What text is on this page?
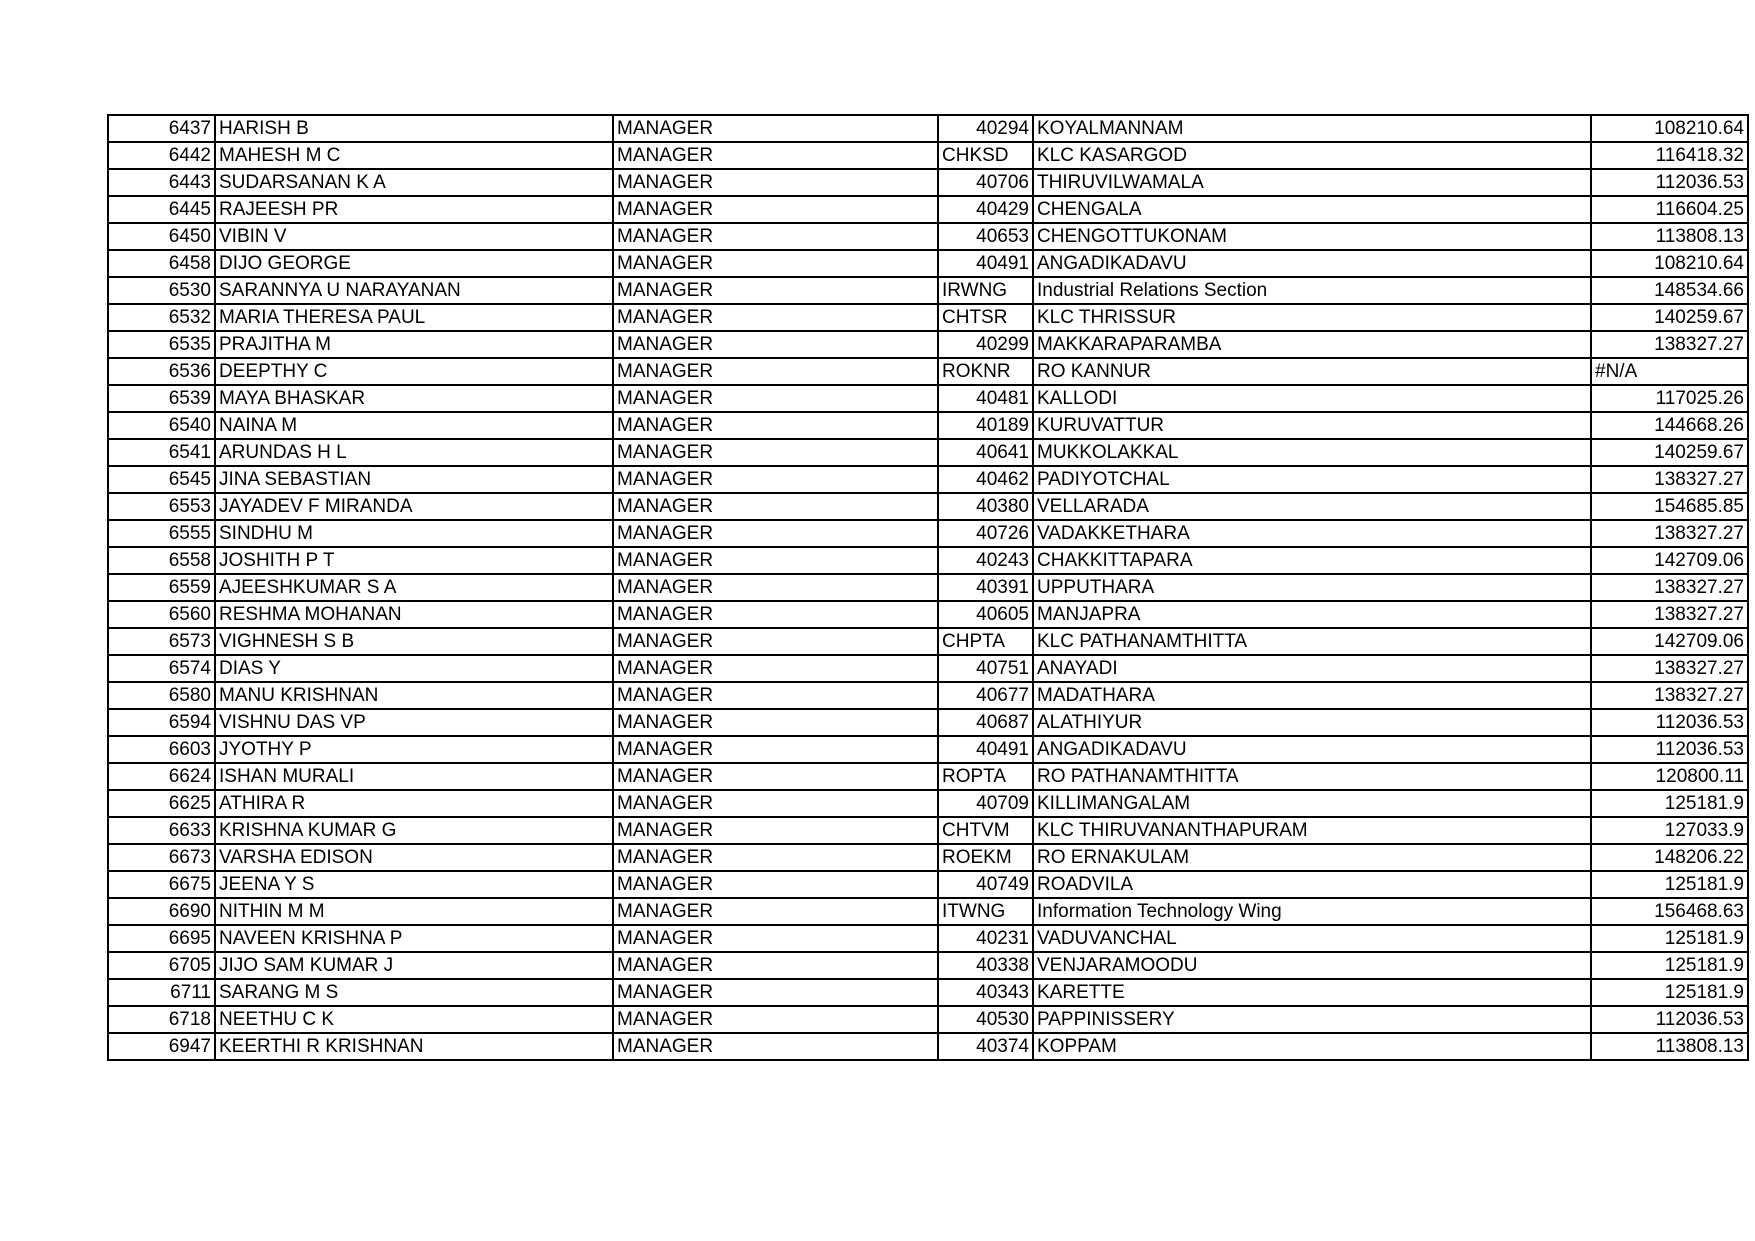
6437	HARISH B	MANAGER	40294	KOYALMANNAM	108210.64
6442	MAHESH M C	MANAGER	CHKSD	KLC KASARGOD	116418.32
6443	SUDARSANAN K A	MANAGER	40706	THIRUVILWAMALA	112036.53
6445	RAJEESH PR	MANAGER	40429	CHENGALA	116604.25
6450	VIBIN V	MANAGER	40653	CHENGOTTUKONAM	113808.13
6458	DIJO GEORGE	MANAGER	40491	ANGADIKADAVU	108210.64
6530	SARANNYA U NARAYANAN	MANAGER	IRWNG	Industrial Relations Section	148534.66
6532	MARIA THERESA PAUL	MANAGER	CHTSR	KLC THRISSUR	140259.67
6535	PRAJITHA M	MANAGER	40299	MAKKARAPARAMBA	138327.27
6536	DEEPTHY C	MANAGER	ROKNR	RO KANNUR	#N/A
6539	MAYA BHASKAR	MANAGER	40481	KALLODI	117025.26
6540	NAINA M	MANAGER	40189	KURUVATTUR	144668.26
6541	ARUNDAS H L	MANAGER	40641	MUKKOLAKKAL	140259.67
6545	JINA SEBASTIAN	MANAGER	40462	PADIYOTCHAL	138327.27
6553	JAYADEV F MIRANDA	MANAGER	40380	VELLARADA	154685.85
6555	SINDHU M	MANAGER	40726	VADAKKETHARA	138327.27
6558	JOSHITH P T	MANAGER	40243	CHAKKITTAPARA	142709.06
6559	AJEESHKUMAR S A	MANAGER	40391	UPPUTHARA	138327.27
6560	RESHMA MOHANAN	MANAGER	40605	MANJAPRA	138327.27
6573	VIGHNESH S B	MANAGER	CHPTA	KLC PATHANAMTHITTA	142709.06
6574	DIAS Y	MANAGER	40751	ANAYADI	138327.27
6580	MANU KRISHNAN	MANAGER	40677	MADATHARA	138327.27
6594	VISHNU DAS VP	MANAGER	40687	ALATHIYUR	112036.53
6603	JYOTHY P	MANAGER	40491	ANGADIKADAVU	112036.53
6624	ISHAN MURALI	MANAGER	ROPTA	RO PATHANAMTHITTA	120800.11
6625	ATHIRA R	MANAGER	40709	KILLIMANGALAM	125181.9
6633	KRISHNA KUMAR G	MANAGER	CHTVM	KLC THIRUVANANTHAPURAM	127033.9
6673	VARSHA EDISON	MANAGER	ROEKM	RO ERNAKULAM	148206.22
6675	JEENA Y S	MANAGER	40749	ROADVILA	125181.9
6690	NITHIN M M	MANAGER	ITWNG	Information Technology Wing	156468.63
6695	NAVEEN KRISHNA P	MANAGER	40231	VADUVANCHAL	125181.9
6705	JIJO SAM KUMAR J	MANAGER	40338	VENJARAMOODU	125181.9
6711	SARANG M S	MANAGER	40343	KARETTE	125181.9
6718	NEETHU C K	MANAGER	40530	PAPPINISSERY	112036.53
6947	KEERTHI R KRISHNAN	MANAGER	40374	KOPPAM	113808.13
